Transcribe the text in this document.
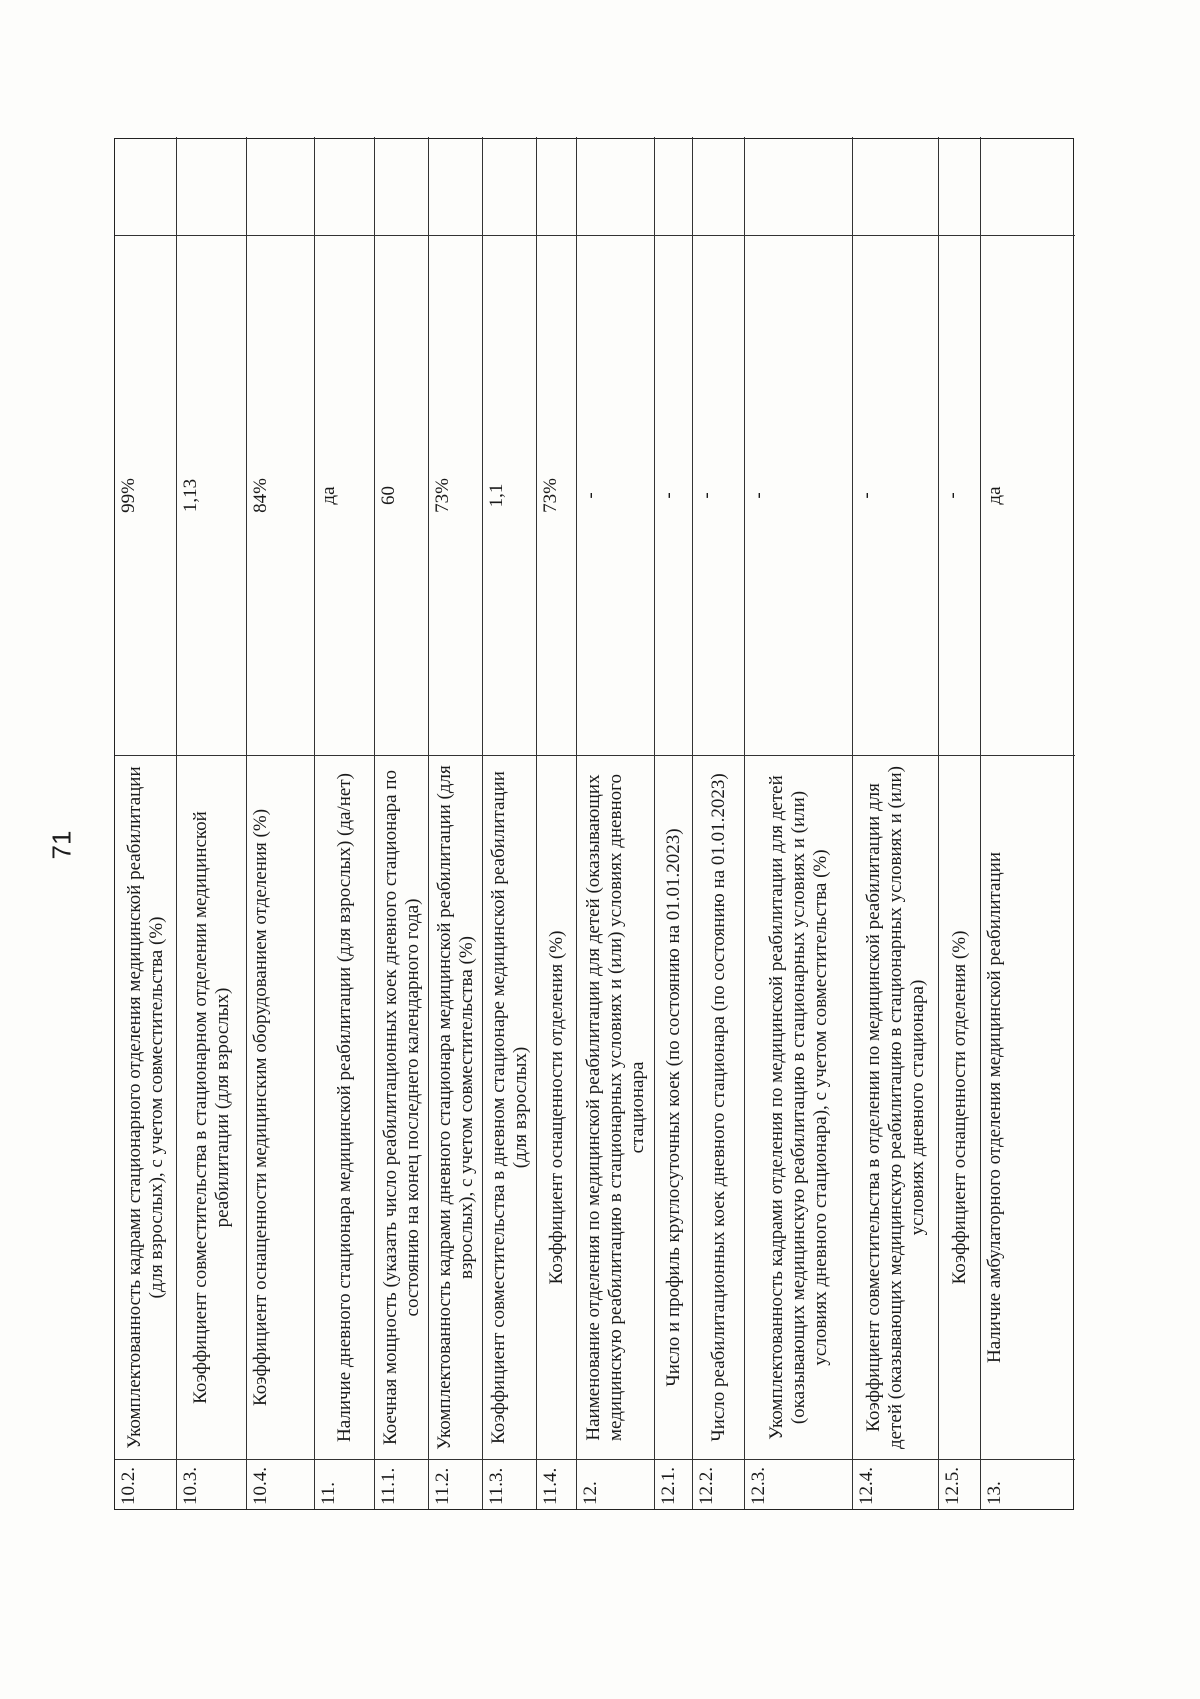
71
10.2.
Укомплектованность кадрами стационарного отделения медицинской реабилитации (для взрослых), с учетом совместительства (%)
99%
10.3.
Коэффициент совместительства в стационарном отделении медицинской реабилитации (для взрослых)
1,13
10.4.
Коэффициент оснащенности медицинским оборудованием отделения (%)
84%
11.
Наличие дневного стационара медицинской реабилитации (для взрослых) (да/нет)
да
11.1.
Коечная мощность (указать число реабилитационных коек дневного стационара по состоянию на конец последнего календарного года)
60
11.2.
Укомплектованность кадрами дневного стационара медицинской реабилитации (для взрослых), с учетом совместительства (%)
73%
11.3.
Коэффициент совместительства в дневном стационаре медицинской реабилитации (для взрослых)
1,1
11.4.
Коэффициент оснащенности отделения (%)
73%
12.
Наименование отделения по медицинской реабилитации для детей (оказывающих медицинскую реабилитацию в стационарных условиях и (или) условиях дневного стационара
-
12.1.
Число и профиль круглосуточных коек (по состоянию на 01.01.2023)
-
12.2.
Число реабилитационных коек дневного стационара (по состоянию на 01.01.2023)
-
12.3.
Укомплектованность кадрами отделения по медицинской реабилитации для детей (оказывающих медицинскую реабилитацию в стационарных условиях и (или) условиях дневного стационара), с учетом совместительства (%)
-
12.4.
Коэффициент совместительства в отделении по медицинской реабилитации для детей (оказывающих медицинскую реабилитацию в стационарных условиях и (или) условиях дневного стационара)
-
12.5.
Коэффициент оснащенности отделения (%)
-
13.
Наличие амбулаторного отделения медицинской реабилитации
да
